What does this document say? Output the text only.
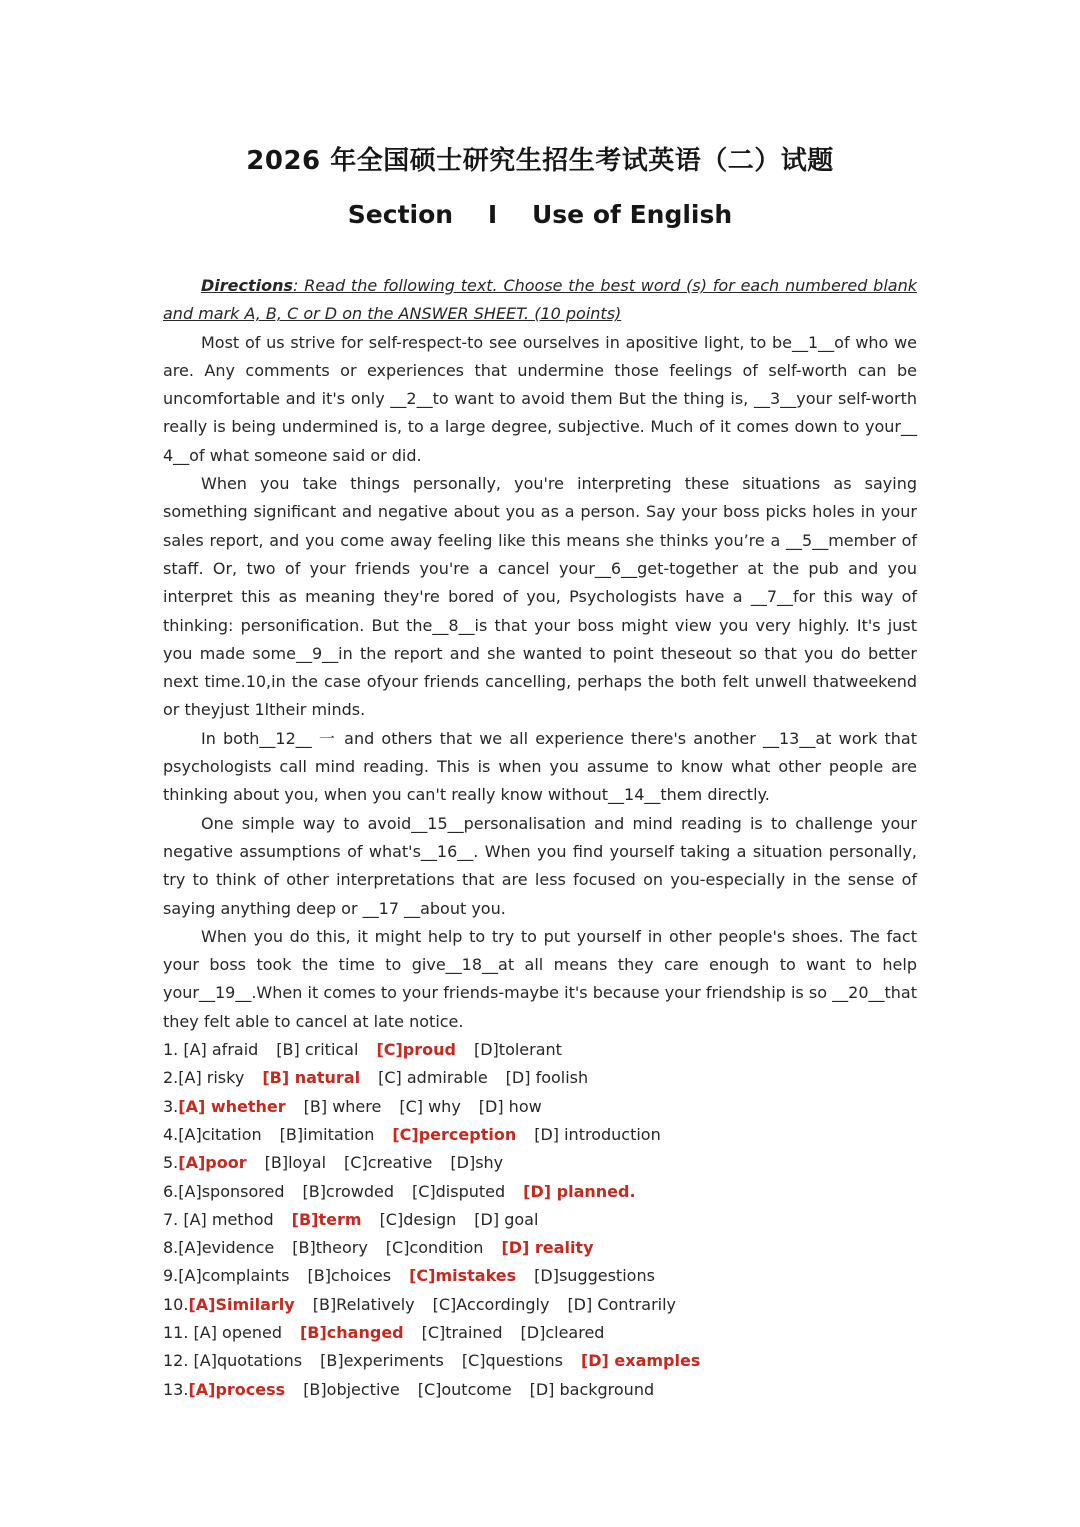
2026 年全国硕士研究生招生考试英语（二）试题
Section    I    Use of English

Directions: Read the following text. Choose the best word (s) for each numbered blank and mark A, B, C or D on the ANSWER SHEET. (10 points)

Most of us strive for self-respect-to see ourselves in apositive light, to be__1__of who we are. Any comments or experiences that undermine those feelings of self-worth can be uncomfortable and it's only __2__to want to avoid them But the thing is, __3__your self-worth really is being undermined is, to a large degree, subjective. Much of it comes down to your__ 4__of what someone said or did.

When you take things personally, you're interpreting these situations as saying something significant and negative about you as a person. Say your boss picks holes in your sales report, and you come away feeling like this means she thinks you’re a __5__member of staff. Or, two of your friends you're a cancel your__6__get-together at the pub and you interpret this as meaning they're bored of you, Psychologists have a __7__for this way of thinking: personification. But the__8__is that your boss might view you very highly. It's just you made some__9__in the report and she wanted to point theseout so that you do better next time.10,in the case ofyour friends cancelling, perhaps the both felt unwell thatweekend or theyjust 1ltheir minds.

In both__12__ 一 and others that we all experience there's another __13__at work that psychologists call mind reading. This is when you assume to know what other people are thinking about you, when you can't really know without__14__them directly.

One simple way to avoid__15__personalisation and mind reading is to challenge your negative assumptions of what's__16__. When you find yourself taking a situation personally, try to think of other interpretations that are less focused on you-especially in the sense of saying anything deep or __17 __about you.

When you do this, it might help to try to put yourself in other people's shoes. The fact your boss took the time to give__18__at all means they care enough to want to help your__19__.When it comes to your friends-maybe it's because your friendship is so __20__that they felt able to cancel at late notice.

1. [A] afraid [B] critical [C]proud [D]tolerant
2.[A] risky [B] natural [C] admirable [D] foolish
3.[A] whether [B] where [C] why [D] how
4.[A]citation [B]imitation [C]perception [D] introduction
5.[A]poor [B]loyal [C]creative [D]shy
6.[A]sponsored [B]crowded [C]disputed [D] planned.
7. [A] method [B]term [C]design [D] goal
8.[A]evidence [B]theory [C]condition [D] reality
9.[A]complaints [B]choices [C]mistakes [D]suggestions
10.[A]Similarly [B]Relatively [C]Accordingly [D] Contrarily
11. [A] opened [B]changed [C]trained [D]cleared
12. [A]quotations [B]experiments [C]questions [D] examples
13.[A]process [B]objective [C]outcome [D] background
